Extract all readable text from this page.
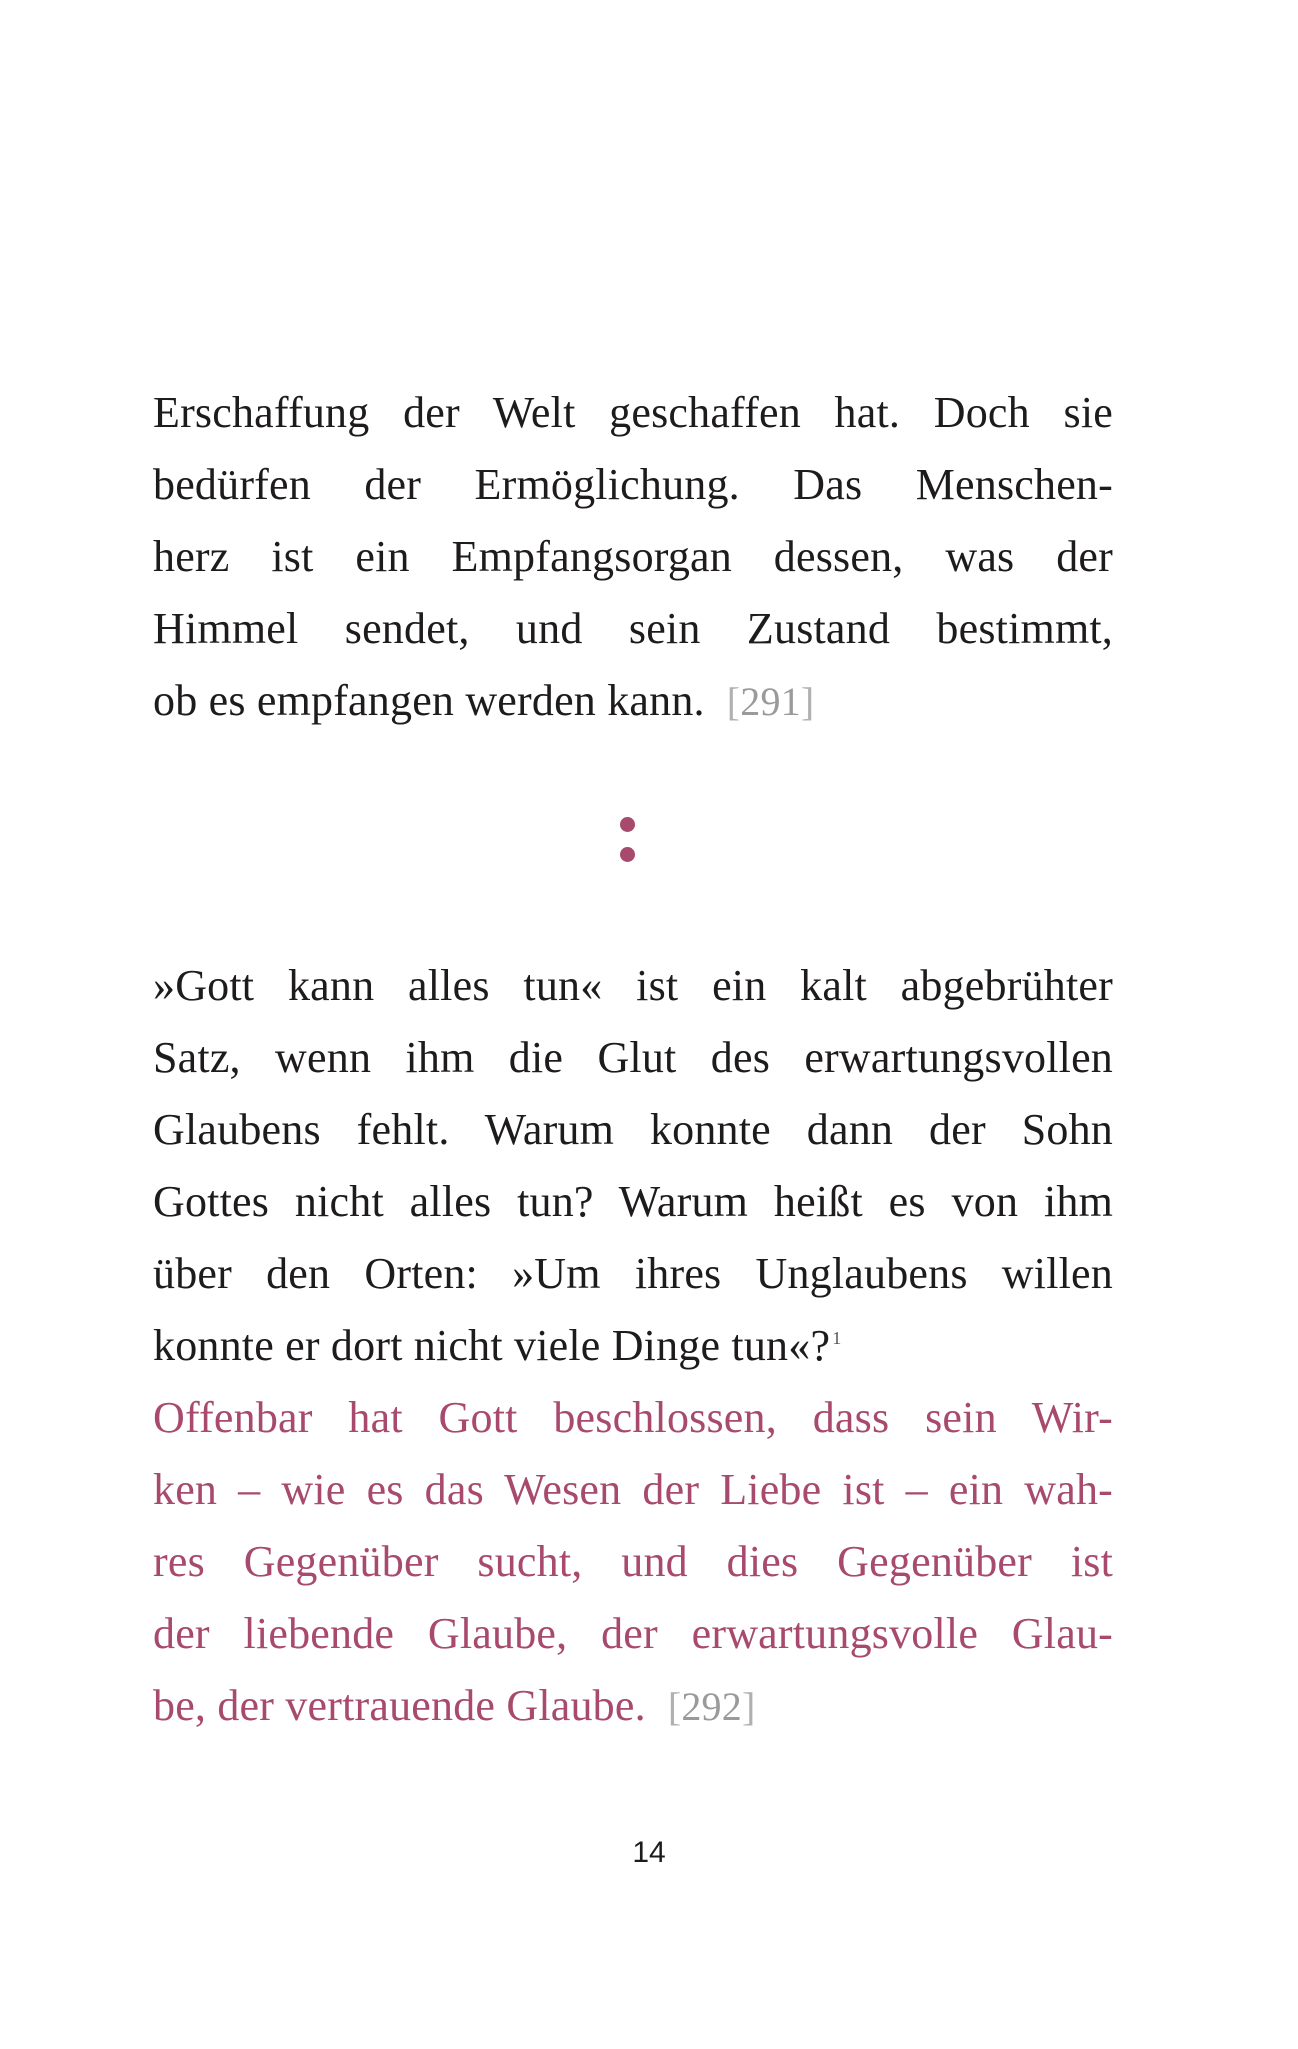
Erschaffung der Welt geschaffen hat. Doch sie
bedürfen der Ermöglichung. Das Menschen-
herz ist ein Empfangsorgan dessen, was der
Himmel sendet, und sein Zustand bestimmt,
ob es empfangen werden kann. [291]
»Gott kann alles tun« ist ein kalt abgebrühter
Satz, wenn ihm die Glut des erwartungsvollen
Glaubens fehlt. Warum konnte dann der Sohn
Gottes nicht alles tun? Warum heißt es von ihm
über den Orten: »Um ihres Unglaubens willen
konnte er dort nicht viele Dinge tun«? $^1$
Offenbar hat Gott beschlossen, dass sein Wir-
ken – wie es das Wesen der Liebe ist – ein wah-
res Gegenüber sucht, und dies Gegenüber ist
der liebende Glaube, der erwartungsvolle Glau-
be, der vertrauende Glaube. [292]
14
